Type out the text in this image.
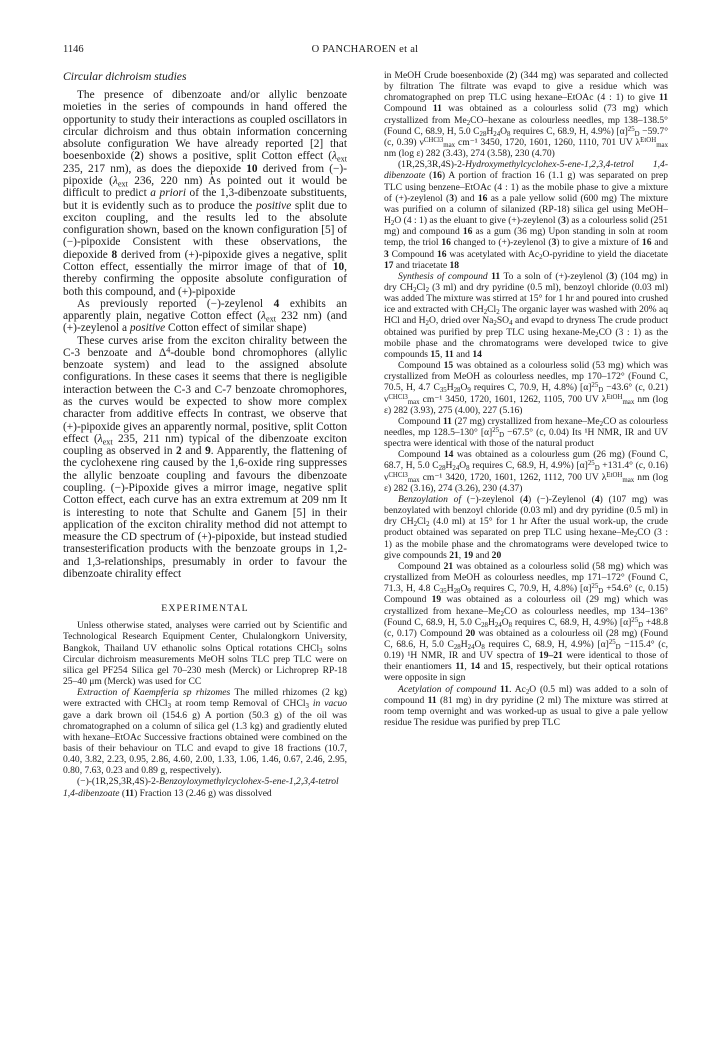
1146	O PANCHAROEN et al
Circular dichroism studies

The presence of dibenzoate and/or allylic benzoate moieties in the series of compounds in hand offered the opportunity to study their interactions as coupled oscillators in circular dichroism and thus obtain information concerning absolute configuration We have already reported [2] that boesenboxide (2) shows a positive, split Cotton effect ($\lambda_{ext}$ 235, 217 nm), as does the diepoxide 10 derived from (−)-pipoxide ($\lambda_{ext}$ 236, 220 nm) As pointed out it would be difficult to predict a priori of the 1,3-dibenzoate substituents, but it is evidently such as to produce the positive split due to exciton coupling, and the results led to the absolute configuration shown, based on the known configuration [5] of (−)-pipoxide Consistent with these observations, the diepoxide 8 derived from (+)-pipoxide gives a negative, split Cotton effect, essentially the mirror image of that of 10, thereby confirming the opposite absolute configuration of both this compound, and (+)-pipoxide

As previously reported (−)-zeylenol 4 exhibits an apparently plain, negative Cotton effect ($\lambda_{ext}$ 232 nm) (and (+)-zeylenol a positive Cotton effect of similar shape)

These curves arise from the exciton chirality between the C-3 benzoate and $\Delta^4$-double bond chromophores (allylic benzoate system) and lead to the assigned absolute configurations. In these cases it seems that there is negligible interaction between the C-3 and C-7 benzoate chromophores, as the curves would be expected to show more complex character from additive effects In contrast, we observe that (+)-pipoxide gives an apparently normal, positive, split Cotton effect ($\lambda_{ext}$ 235, 211 nm) typical of the dibenzoate exciton coupling as observed in 2 and 9. Apparently, the flattening of the cyclohexene ring caused by the 1,6-oxide ring suppresses the allylic benzoate coupling and favours the dibenzoate coupling. (−)-Pipoxide gives a mirror image, negative split Cotton effect, each curve has an extra extremum at 209 nm It is interesting to note that Schulte and Ganem [5] in their application of the exciton chirality method did not attempt to measure the CD spectrum of (+)-pipoxide, but instead studied transesterification products with the benzoate groups in 1,2- and 1,3-relationships, presumably in order to favour the dibenzoate chirality effect

EXPERIMENTAL

Unless otherwise stated, analyses were carried out by Scientific and Technological Research Equipment Center, Chulalongkorn University, Bangkok, Thailand UV ethanolic solns Optical rotations CHCl$_3$ solns Circular dichroism measurements MeOH solns TLC prep TLC were on silica gel PF254 Silica gel 70–230 mesh (Merck) or Lichroprep RP-18 25–40 μm (Merck) was used for CC

Extraction of Kaempferia sp rhizomes The milled rhizomes (2 kg) were extracted with CHCl$_3$ at room temp Removal of CHCl$_3$ in vacuo gave a dark brown oil (154.6 g) A portion (50.3 g) of the oil was chromatographed on a column of silica gel (1.3 kg) and gradiently eluted with hexane–EtOAc Successive fractions obtained were combined on the basis of their behaviour on TLC and evapd to give 18 fractions (10.7, 0.40, 3.82, 2.23, 0.95, 2.86, 4.60, 2.00, 1.33, 1.06, 1.46, 0.67, 2.46, 2.95, 0.80, 7.63, 0.23 and 0.89 g, respectively).

(−)-(1R,2S,3R,4S)-2-Benzoyloxymethylcyclohex-5-ene-1,2,3,4-tetrol 1,4-dibenzoate (11) Fraction 13 (2.46 g) was dissolved

in MeOH Crude boesenboxide (2) (344 mg) was separated and collected by filtration The filtrate was evapd to give a residue which was chromatographed on prep TLC using hexane–EtOAc (4 : 1) to give 11 Compound 11 was obtained as a colourless solid (73 mg) which crystallized from $Me_2CO$–hexane as colourless needles, mp 138–138.5° (Found C, 68.9, H, 5.0 $C_{28}H_{24}O_8$ requires C, 68.9, H, 4.9%) $[\alpha]^{25}_D -59.7^\circ$ (c, 0.39) $\nu^{CHCl3}_{max}$ cm⁻¹ 3450, 1720, 1601, 1260, 1110, 701 UV $\lambda^{EtOH}_{max}$ nm (log ε) 282 (3.43), 274 (3.58), 230 (4.70)

(1R,2S,3R,4S)-2-Hydroxymethylcyclohex-5-ene-1,2,3,4-tetrol 1,4-dibenzoate (16) A portion of fraction 16 (1.1 g) was separated on prep TLC using benzene–EtOAc (4 : 1) as the mobile phase to give a mixture of (+)-zeylenol (3) and 16 as a pale yellow solid (600 mg) The mixture was purified on a column of silanized (RP-18) silica gel using MeOH–$H_2O$ (4 : 1) as the eluant to give (+)-zeylenol (3) as a colourless solid (251 mg) and compound 16 as a gum (36 mg) Upon standing in soln at room temp, the triol 16 changed to (+)-zeylenol (3) to give a mixture of 16 and 3 Compound 16 was acetylated with $Ac_2O$-pyridine to yield the diacetate 17 and triacetate 18

Synthesis of compound 11 To a soln of (+)-zeylenol (3) (104 mg) in dry $CH_2Cl_2$ (3 ml) and dry pyridine (0.5 ml), benzoyl chloride (0.03 ml) was added The mixture was stirred at 15° for 1 hr and poured into crushed ice and extracted with $CH_2Cl_2$ The organic layer was washed with 20% aq HCl and $H_2O$, dried over $Na_2SO_4$ and evapd to dryness The crude product obtained was purified by prep TLC using hexane-$Me_2CO$ (3 : 1) as the mobile phase and the chromatograms were developed twice to give compounds 15, 11 and 14

Compound 15 was obtained as a colourless solid (53 mg) which was crystallized from MeOH as colourless needles, mp 170–172° (Found C, 70.5, H, 4.7 $C_{35}H_{28}O_9$ requires C, 70.9, H, 4.8%) $[\alpha]^{25}_D -43.6^\circ$ (c, 0.21) $\nu^{CHCl3}_{max}$ cm⁻¹ 3450, 1720, 1601, 1262, 1105, 700 UV $\lambda^{EtOH}_{max}$ nm (log ε) 282 (3.93), 275 (4.00), 227 (5.16)

Compound 11 (27 mg) crystallized from hexane–$Me_2CO$ as colourless needles, mp 128.5–130° $[\alpha]^{25}_D -67.5^\circ$ (c, 0.04) Its ¹H NMR, IR and UV spectra were identical with those of the natural product

Compound 14 was obtained as a colourless gum (26 mg) (Found C, 68.7, H, 5.0 $C_{28}H_{24}O_8$ requires C, 68.9, H, 4.9%) $[\alpha]^{25}_D +131.4^\circ$ (c, 0.16) $\nu^{CHCl3}_{max}$ cm⁻¹ 3420, 1720, 1601, 1262, 1112, 700 UV $\lambda^{EtOH}_{max}$ nm (log ε) 282 (3.16), 274 (3.26), 230 (4.37)

Benzoylation of (−)-zeylenol (4) (−)-Zeylenol (4) (107 mg) was benzoylated with benzoyl chloride (0.03 ml) and dry pyridine (0.5 ml) in dry $CH_2Cl_2$ (4.0 ml) at 15° for 1 hr After the usual work-up, the crude product obtained was separated on prep TLC using hexane–$Me_2CO$ (3 : 1) as the mobile phase and the chromatograms were developed twice to give compounds 21, 19 and 20

Compound 21 was obtained as a colourless solid (58 mg) which was crystallized from MeOH as colourless needles, mp 171–172° (Found C, 71.3, H, 4.8 $C_{35}H_{28}O_9$ requires C, 70.9, H, 4.8%) $[\alpha]^{25}_D +54.6^\circ$ (c, 0.15) Compound 19 was obtained as a colourless oil (29 mg) which was crystallized from hexane–$Me_2CO$ as colourless needles, mp 134–136° (Found C, 68.9, H, 5.0 $C_{28}H_{24}O_8$ requires C, 68.9, H, 4.9%) $[\alpha]^{25}_D +48.8$ (c, 0.17) Compound 20 was obtained as a colourless oil (28 mg) (Found C, 68.6, H, 5.0 $C_{28}H_{24}O_8$ requires C, 68.9, H, 4.9%) $[\alpha]^{25}_D -115.4^\circ$ (c, 0.19) ¹H NMR, IR and UV spectra of 19–21 were identical to those of their enantiomers 11, 14 and 15, respectively, but their optical rotations were opposite in sign

Acetylation of compound 11. $Ac_2O$ (0.5 ml) was added to a soln of compound 11 (81 mg) in dry pyridine (2 ml) The mixture was stirred at room temp overnight and was worked-up as usual to give a pale yellow residue The residue was purified by prep TLC
